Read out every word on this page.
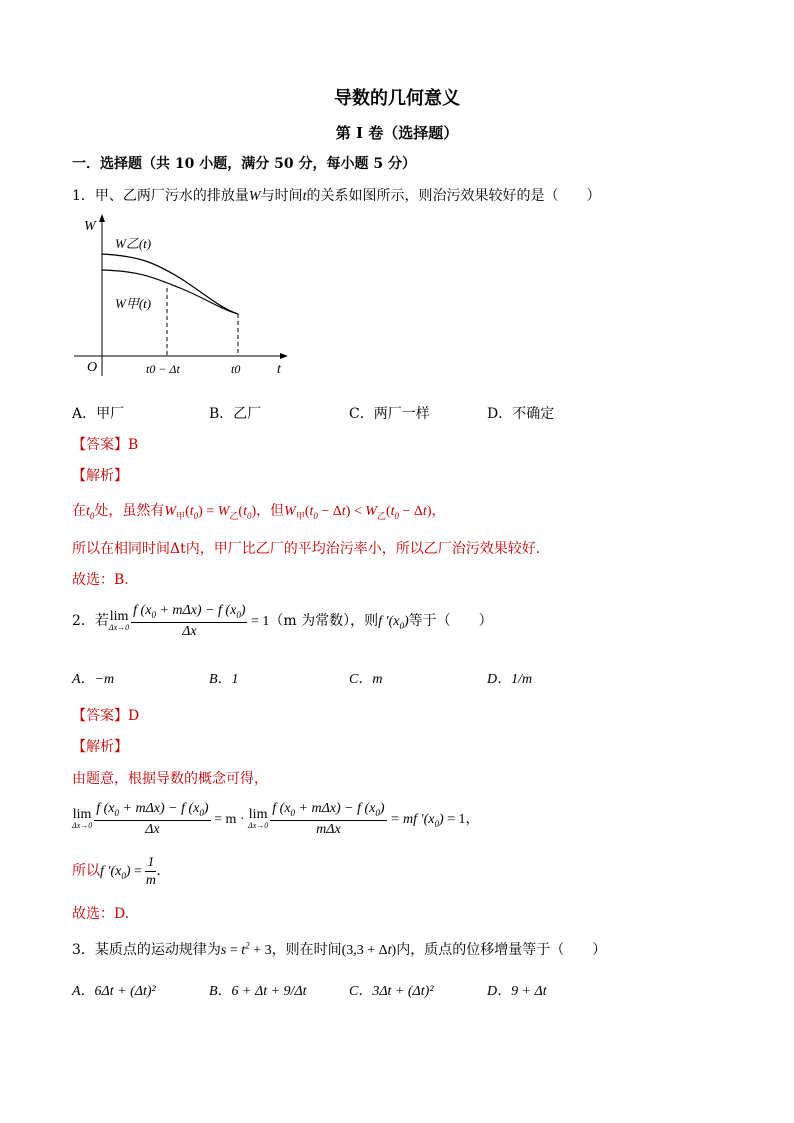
导数的几何意义
第 I 卷（选择题）
一．选择题（共 10 小题，满分 50 分，每小题 5 分）
1．甲、乙两厂污水的排放量W与时间t的关系如图所示，则治污效果较好的是（　　）
W
t
O
W乙(t)
W甲(t)
t0 − Δt	t0
A．甲厂	B．乙厂	C．两厂一样	D．不确定
【答案】B
【解析】
在$t_0$处，虽然有$W_甲(t_0) = W_乙(t_0)$，但$W_甲(t_0 - \Delta t) < W_乙(t_0 - \Delta t)$，
所以在相同时间Δt内，甲厂比乙厂的平均治污率小，所以乙厂治污效果较好．
故选：B.
2．若 lim
$\Delta x\to 0 \frac{f (x_0 + m\Delta x) - f (x_0)}{\Delta x} = 1(m$ 为常数），则f $'(x_0)$等于（　　）
A．−m	B．1	C．m	D．1/m
【答案】D
【解析】
由题意，根据导数的概念可得，
lim
$\Delta x\to 0 \frac{f (x_0 + m\Delta x) - f (x_0)}{\Delta x} = m \cdot \lim$
$\Delta x\to 0 \frac{f (x_0 + m\Delta x) - f (x_0)}{\text{mΔx}}$ = mf $'(x_0) = 1$，
所以f $'(x_0) = \frac{1}{m}$ .
故选：D.
3．某质点的运动规律为$s = t^2 + 3$，则在时间(3,3 + Δt)内，质点的位移增量等于（　　）
A．6Δt + (Δt)²	B．6 + Δt + 9/Δt	C．3Δt + (Δt)²	D．9 + Δt
